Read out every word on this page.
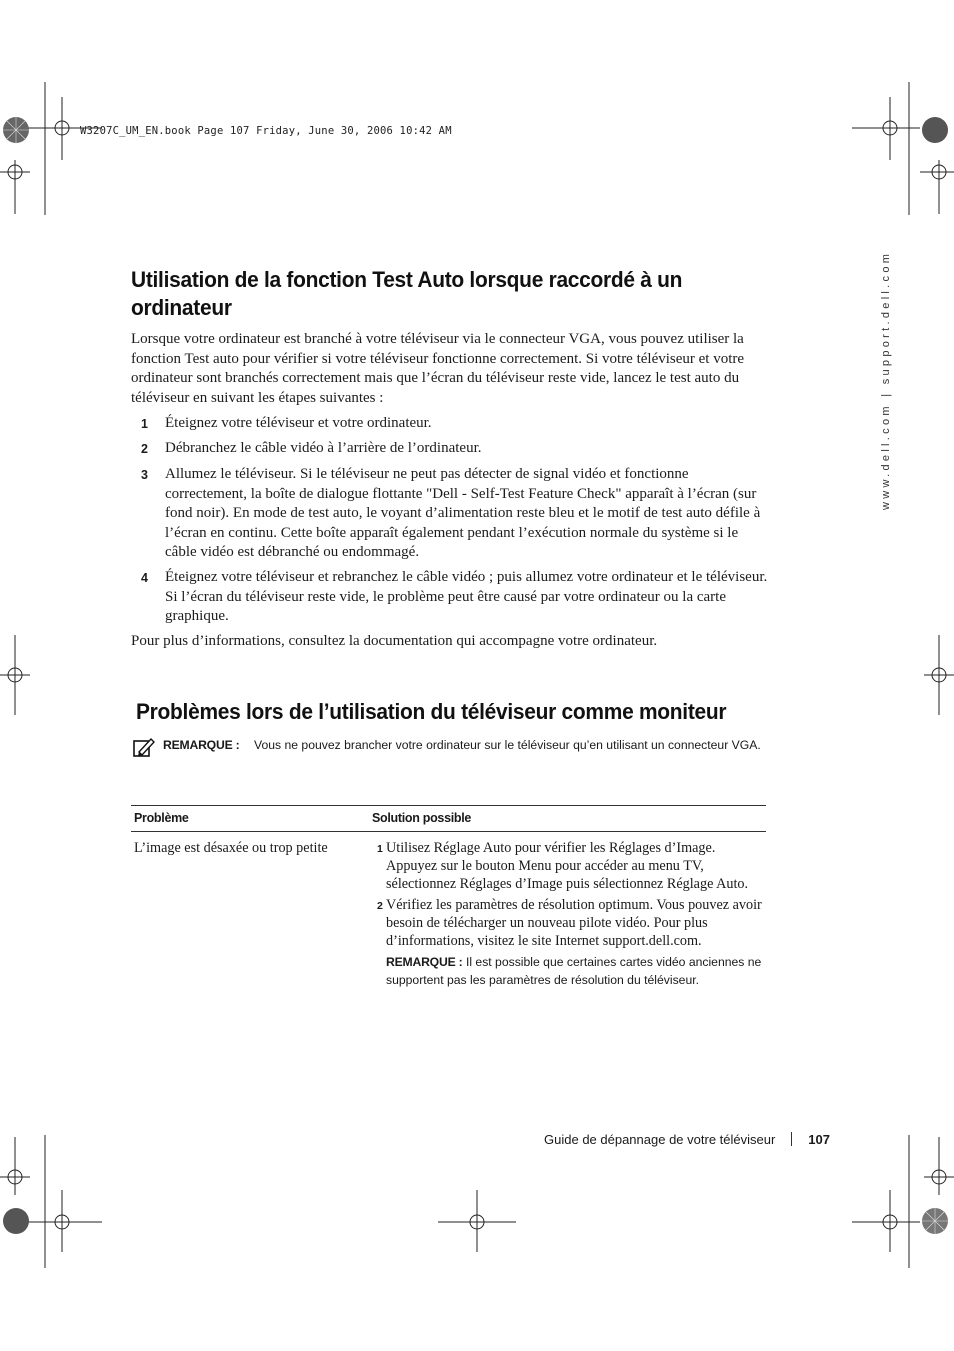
W3207C_UM_EN.book Page 107 Friday, June 30, 2006 10:42 AM
www.dell.com | support.dell.com
Utilisation de la fonction Test Auto lorsque raccordé à un ordinateur
Lorsque votre ordinateur est branché à votre téléviseur via le connecteur VGA, vous pouvez utiliser la fonction Test auto pour vérifier si votre téléviseur fonctionne correctement. Si votre téléviseur et votre ordinateur sont branchés correctement mais que l’écran du téléviseur reste vide, lancez le test auto du téléviseur en suivant les étapes suivantes :
1 Éteignez votre téléviseur et votre ordinateur.
2 Débranchez le câble vidéo à l’arrière de l’ordinateur.
3 Allumez le téléviseur. Si le téléviseur ne peut pas détecter de signal vidéo et fonctionne correctement, la boîte de dialogue flottante "Dell - Self-Test Feature Check" apparaît à l’écran (sur fond noir). En mode de test auto, le voyant d’alimentation reste bleu et le motif de test auto défile à l’écran en continu. Cette boîte apparaît également pendant l’exécution normale du système si le câble vidéo est débranché ou endommagé.
4 Éteignez votre téléviseur et rebranchez le câble vidéo ; puis allumez votre ordinateur et le téléviseur. Si l’écran du téléviseur reste vide, le problème peut être causé par votre ordinateur ou la carte graphique.
Pour plus d’informations, consultez la documentation qui accompagne votre ordinateur.
Problèmes lors de l’utilisation du téléviseur comme moniteur
REMARQUE : Vous ne pouvez brancher votre ordinateur sur le téléviseur qu’en utilisant un connecteur VGA.
Problème	Solution possible
L’image est désaxée ou trop petite	1 Utilisez Réglage Auto pour vérifier les Réglages d’Image. Appuyez sur le bouton Menu pour accéder au menu TV, sélectionnez Réglages d’Image puis sélectionnez Réglage Auto.
2 Vérifiez les paramètres de résolution optimum. Vous pouvez avoir besoin de télécharger un nouveau pilote vidéo. Pour plus d’informations, visitez le site Internet support.dell.com.
REMARQUE : Il est possible que certaines cartes vidéo anciennes ne supportent pas les paramètres de résolution du téléviseur.
Guide de dépannage de votre téléviseur	107
